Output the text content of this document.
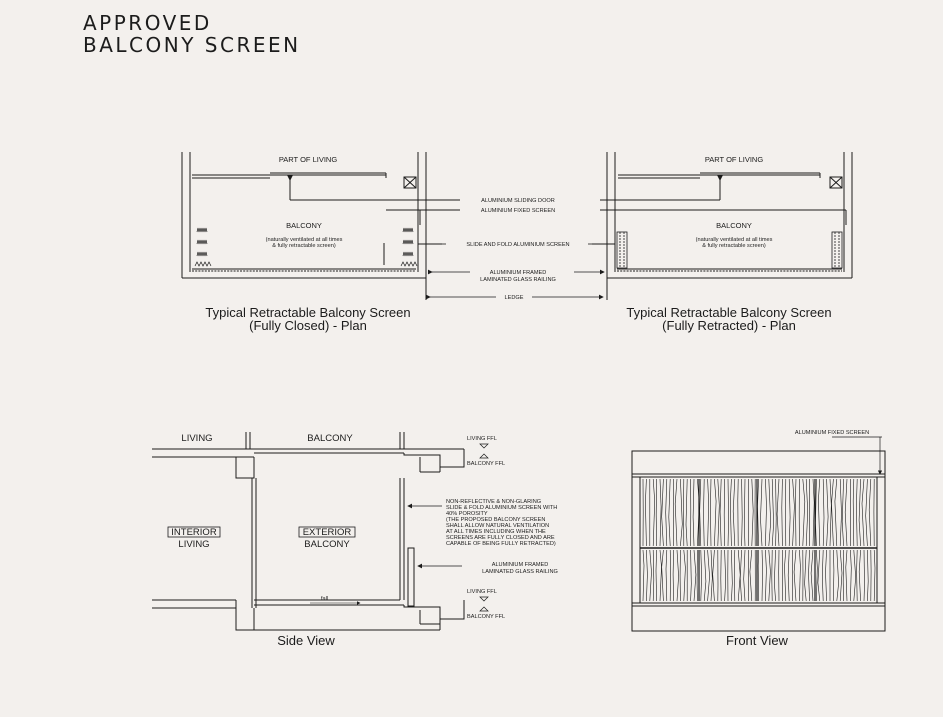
APPROVED
BALCONY SCREEN
PART OF LIVING
BALCONY
(naturally ventilated at all times
& fully retractable screen)
PART OF LIVING
BALCONY
(naturally ventilated at all times
& fully retractable screen)
ALUMINIUM SLIDING DOOR
ALUMINIUM FIXED SCREEN
SLIDE AND FOLD ALUMINIUM SCREEN
ALUMINIUM FRAMED
LAMINATED GLASS RAILING
LEDGE
Typical Retractable Balcony Screen
(Fully Closed) - Plan
Typical Retractable Balcony Screen
(Fully Retracted) - Plan
LIVING	BALCONY
INTERIOR
LIVING
EXTERIOR
BALCONY
LIVING FFL
BALCONY FFL
LIVING FFL
BALCONY FFL
fall
NON-REFLECTIVE & NON-GLARING
SLIDE & FOLD ALUMINIUM SCREEN WITH
40% POROSITY
(THE PROPOSED BALCONY SCREEN
SHALL ALLOW NATURAL VENTILATION
AT ALL TIMES INCLUDING WHEN THE
SCREENS ARE FULLY CLOSED AND ARE
CAPABLE OF BEING FULLY RETRACTED)
ALUMINIUM FRAMED
LAMINATED GLASS RAILING
Side View
ALUMINIUM FIXED SCREEN
Front View
